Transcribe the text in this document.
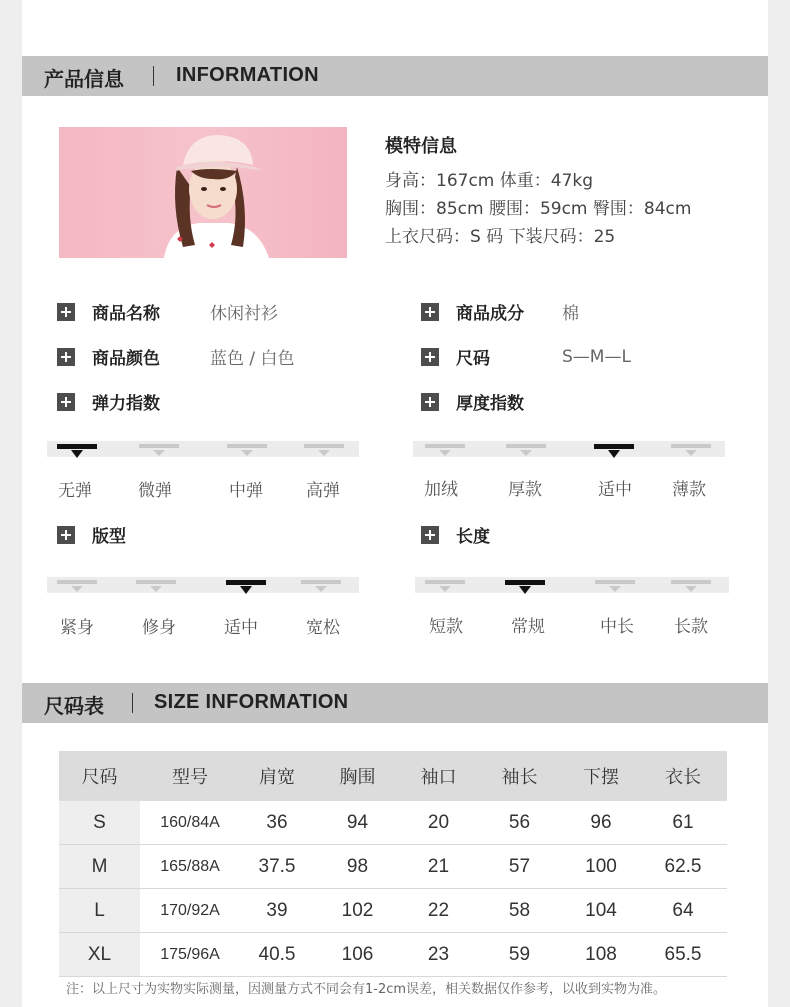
产品信息	INFORMATION
模特信息
身高：167cm 体重：47kg
胸围：85cm 腰围：59cm 臀围：84cm
上衣尺码：S 码 下装尺码：25
商品名称	休闲衬衫	商品成分 棉
商品颜色	蓝色 / 白色	尺码	S—M—L
弹力指数	厚度指数
无弹	微弹	中弹	高弹	加绒	厚款	适中 薄款
版型	长度
紧身	修身	适中	宽松	短款	常规	中长 长款
尺码表	SIZE INFORMATION
尺码	型号	肩宽	胸围	袖口	袖长	下摆	衣长
S	160/84A	36	94	20	56	96	61
M	165/88A	37.5	98	21	57	100	62.5
L	170/92A	39	102	22	58	104	64
XL	175/96A	40.5	106	23	59	108	65.5
注：以上尺寸为实物实际测量，因测量方式不同会有1-2cm误差，相关数据仅作参考，以收到实物为准。
